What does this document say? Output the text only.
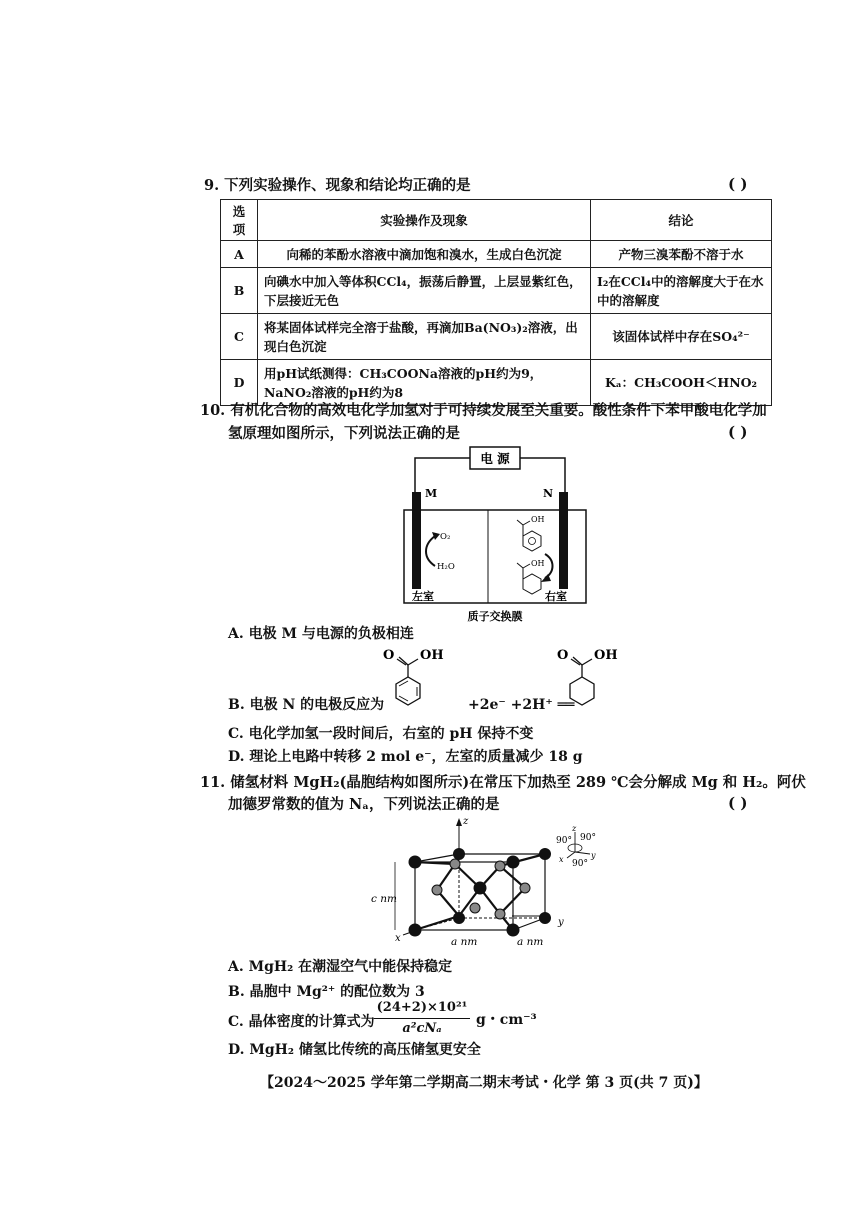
9. 下列实验操作、现象和结论均正确的是	( )
选项	实验操作及现象	结论
A	向稀的苯酚水溶液中滴加饱和溴水，生成白色沉淀	产物三溴苯酚不溶于水
B	向碘水中加入等体积CCl₄，振荡后静置，上层显紫红色，下层接近无色	I₂在CCl₄中的溶解度大于在水中的溶解度
C	将某固体试样完全溶于盐酸，再滴加Ba(NO₃)₂溶液，出现白色沉淀	该固体试样中存在SO₄²⁻
D	用pH试纸测得：CH₃COONa溶液的pH约为9，NaNO₂溶液的pH约为8	Kₐ：CH₃COOH＜HNO₂
10. 有机化合物的高效电化学加氢对于可持续发展至关重要。酸性条件下苯甲酸电化学加
氢原理如图所示，下列说法正确的是	( )
电 源
M	N
O₂
H₂O
OH
OH
左室	右室
质子交换膜
A. 电极 M 与电源的负极相连
B. 电极 N 的电极反应为
O OH
+2e⁻ +2H⁺ ══
O OH
C. 电化学加氢一段时间后，右室的 pH 保持不变
D. 理论上电路中转移 2 mol e⁻，左室的质量减少 18 g
11. 储氢材料 MgH₂(晶胞结构如图所示)在常压下加热至 289 ℃会分解成 Mg 和 H₂。阿伏
加德罗常数的值为 Nₐ，下列说法正确的是	( )
z
y
x
c nm
a nm	a nm
z
x	y
90° 90°
90°
A. MgH₂ 在潮湿空气中能保持稳定
B. 晶胞中 Mg²⁺ 的配位数为 3
C. 晶体密度的计算式为
(24+2)×10²¹
a²cNₐ
g・cm⁻³
D. MgH₂ 储氢比传统的高压储氢更安全
【2024～2025 学年第二学期高二期末考试・化学 第 3 页(共 7 页)】
